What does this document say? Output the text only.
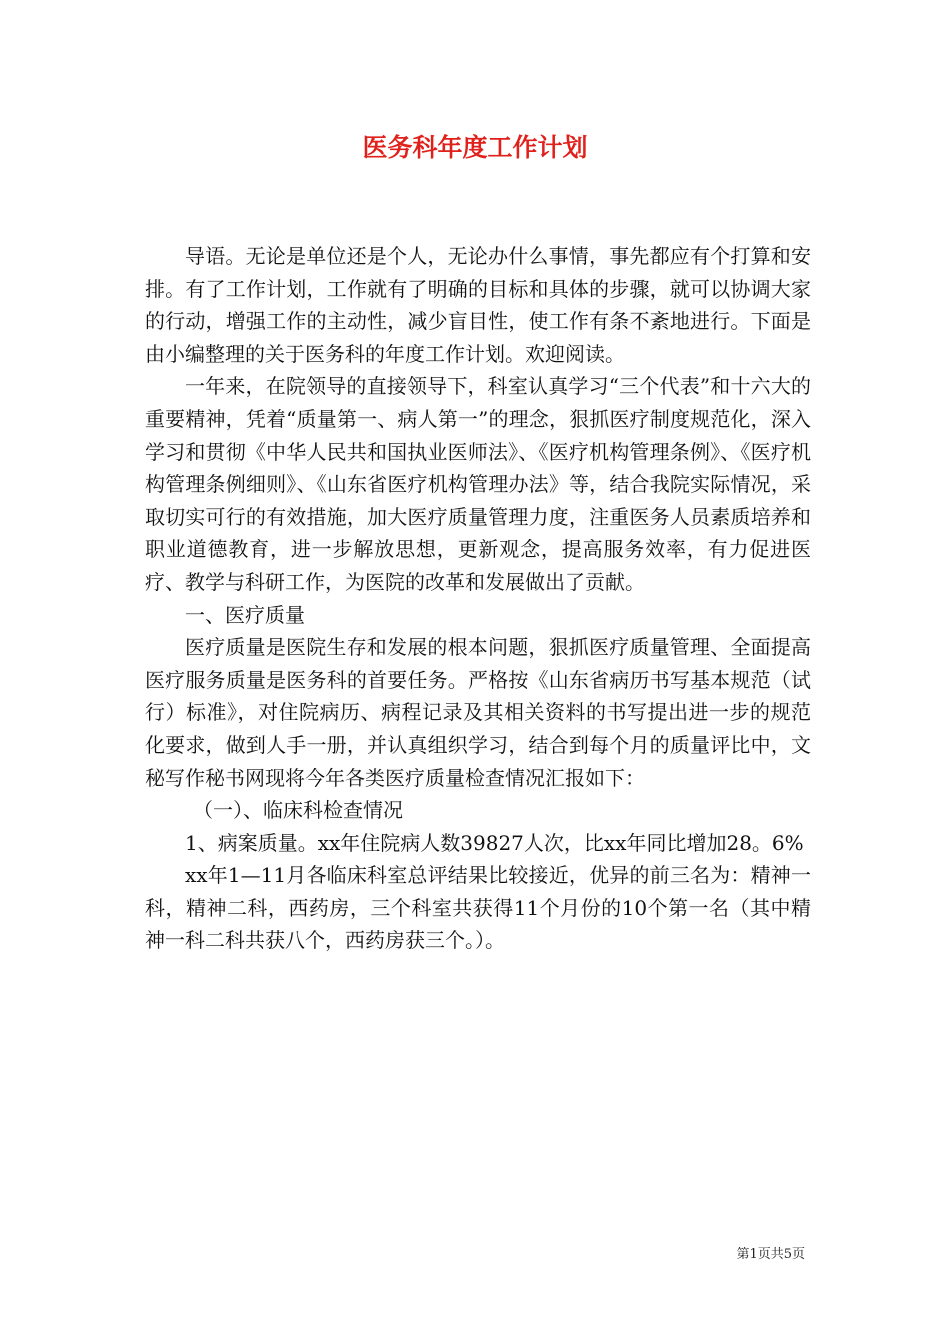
医务科年度工作计划

导语。无论是单位还是个人，无论办什么事情，事先都应有个打算和安排。有了工作计划，工作就有了明确的目标和具体的步骤，就可以协调大家的行动，增强工作的主动性，减少盲目性，使工作有条不紊地进行。下面是由小编整理的关于医务科的年度工作计划。欢迎阅读。

一年来，在院领导的直接领导下，科室认真学习“三个代表”和十六大的重要精神，凭着“质量第一、病人第一”的理念，狠抓医疗制度规范化，深入学习和贯彻《中华人民共和国执业医师法》、《医疗机构管理条例》、《医疗机构管理条例细则》、《山东省医疗机构管理办法》等，结合我院实际情况，采取切实可行的有效措施，加大医疗质量管理力度，注重医务人员素质培养和职业道德教育，进一步解放思想，更新观念，提高服务效率，有力促进医疗、教学与科研工作，为医院的改革和发展做出了贡献。

一、医疗质量

医疗质量是医院生存和发展的根本问题，狠抓医疗质量管理、全面提高医疗服务质量是医务科的首要任务。严格按《山东省病历书写基本规范（试行）标准》，对住院病历、病程记录及其相关资料的书写提出进一步的规范化要求，做到人手一册，并认真组织学习，结合到每个月的质量评比中，文秘写作秘书网现将今年各类医疗质量检查情况汇报如下：

（一）、临床科检查情况

1、病案质量。xx年住院病人数39827人次，比xx年同比增加28。6%

xx年1—11月各临床科室总评结果比较接近，优异的前三名为：精神一科，精神二科，西药房，三个科室共获得11个月份的10个第一名（其中精神一科二科共获八个，西药房获三个。）。

第1页共5页
